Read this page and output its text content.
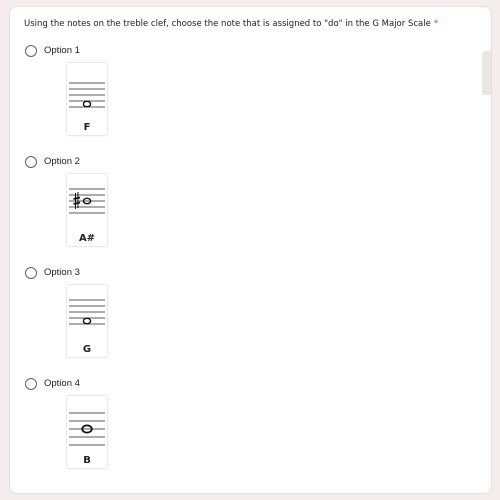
Using the notes on the treble clef, choose the note that is assigned to "do" in the G Major Scale *
Option 1
F
Option 2
A#
Option 3
G
Option 4
B
